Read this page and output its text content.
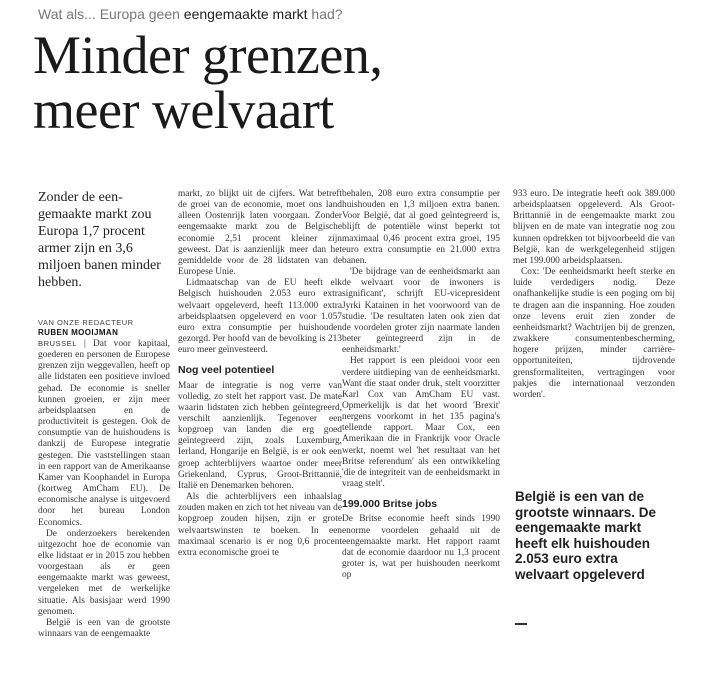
Wat als... Europa geen eengemaakte markt had?
Minder grenzen,
meer welvaart

Zonder de een-gemaakte markt zou Europa 1,7 procent armer zijn en 3,6 miljoen banen minder hebben.

VAN ONZE REDACTEUR
RUBEN MOOIJMAN

BRUSSEL | Dat voor kapitaal, goederen en personen de Europese grenzen zijn weggevallen, heeft op alle lidstaten een positieve invloed gehad. De economie is sneller kunnen groeien, er zijn meer arbeidsplaatsen en de productiviteit is gestegen. Ook de consumptie van de huishoudens is dankzij de Europese integratie gestegen. Die vaststellingen staan in een rapport van de Amerikaanse Kamer van Koophandel in Europa (kortweg AmCham EU). De economische analyse is uitgevoerd door het bureau London Economics.

De onderzoekers berekenden uitgezocht hoe de economie van elke lidstaat er in 2015 zou hebben voorgestaan als er geen eengemaakte markt was geweest, vergeleken met de werkelijke situatie. Als basisjaar werd 1990 genomen.

België is een van de grootste winnaars van de eengemaakte

markt, zo blijkt uit de cijfers. Wat betreft de groei van de economie, moet ons land alleen Oostenrijk laten voorgaan. Zonder eengemaakte markt zou de Belgische economie 2,51 procent kleiner zijn geweest. Dat is aanzienlijk meer dan het gemiddelde voor de 28 lidstaten van de Europese Unie.

Lidmaatschap van de EU heeft elk Belgisch huishouden 2.053 euro extra welvaart opgeleverd, heeft 113.000 extra arbeidsplaatsen opgeleverd en voor 1.057 euro extra consumptie per huishouden gezorgd. Per hoofd van de bevolking is 213 euro meer geïnvesteerd.

Nog veel potentieel

Maar de integratie is nog verre van volledig, zo stelt het rapport vast. De mate waarin lidstaten zich hebben geïntegreerd, verschilt aanzienlijk. Tegenover een kopgroep van landen die erg goed geïntegreerd zijn, zoals Luxemburg, Ierland, Hongarije en België, is er ook een groep achterblijvers waartoe onder meer Griekenland, Cyprus, Groot-Brittannië, Italië en Denemarken behoren.

Als die achterblijvers een inhaalslag zouden maken en zich tot het niveau van de kopgroep zouden hijsen, zijn er grote welvaartswinsten te boeken. In een maximaal scenario is er nog 0,6 procent extra economische groei te

behalen, 208 euro extra consumptie per huishouden en 1,3 miljoen extra banen. Voor België, dat al goed geïntegreerd is, blijft de potentiële winst beperkt tot maximaal 0,46 procent extra groei, 195 euro extra consumptie en 21.000 extra banen.

'De bijdrage van de eenheidsmarkt aan de welvaart voor de inwoners is significant', schrijft EU-vicepresident Jyrki Katainen in het voorwoord van de studie. 'De resultaten laten ook zien dat de voordelen groter zijn naarmate landen beter geïntegreerd zijn in de eenheidsmarkt.'

Het rapport is een pleidooi voor een verdere uitdieping van de eenheidsmarkt. Want die staat onder druk, stelt voorzitter Karl Cox van AmCham EU vast. Opmerkelijk is dat het woord 'Brexit' nergens voorkomt in het 135 pagina's tellende rapport. Maar Cox, een Amerikaan die in Frankrijk voor Oracle werkt, noemt wel 'het resultaat van het Britse referendum' als een ontwikkeling 'die de integriteit van de eenheidsmarkt in vraag stelt'.

199.000 Britse jobs

De Britse economie heeft sinds 1990 enorme voordelen gehaald uit de eengemaakte markt. Het rapport raamt dat de economie daardoor nu 1,3 procent groter is, wat per huishouden neerkomt op

933 euro. De integratie heeft ook 389.000 arbeidsplaatsen opgeleverd. Als Groot-Brittannië in de eengemaakte markt zou blijven en de mate van integratie nog zou kunnen opdrekken tot bijvoorbeeld die van België, kan de werkgelegenheid stijgen met 199.000 arbeidsplaatsen.

Cox: 'De eenheidsmarkt heeft sterke en luide verdedigers nodig. Deze onafhankelijke studie is een poging om bij te dragen aan die inspanning. Hoe zouden onze levens eruit zien zonder de eenheidsmarkt? Wachtrijen bij de grenzen, zwakkere consumentenbescherming, hogere prijzen, minder carrière-opportuniteiten, tijdrovende grensformaliteiten, vertragingen voor pakjes die internationaal verzonden worden'.

België is een van de grootste winnaars. De eengemaakte markt heeft elk huishouden 2.053 euro extra welvaart opgeleverd
